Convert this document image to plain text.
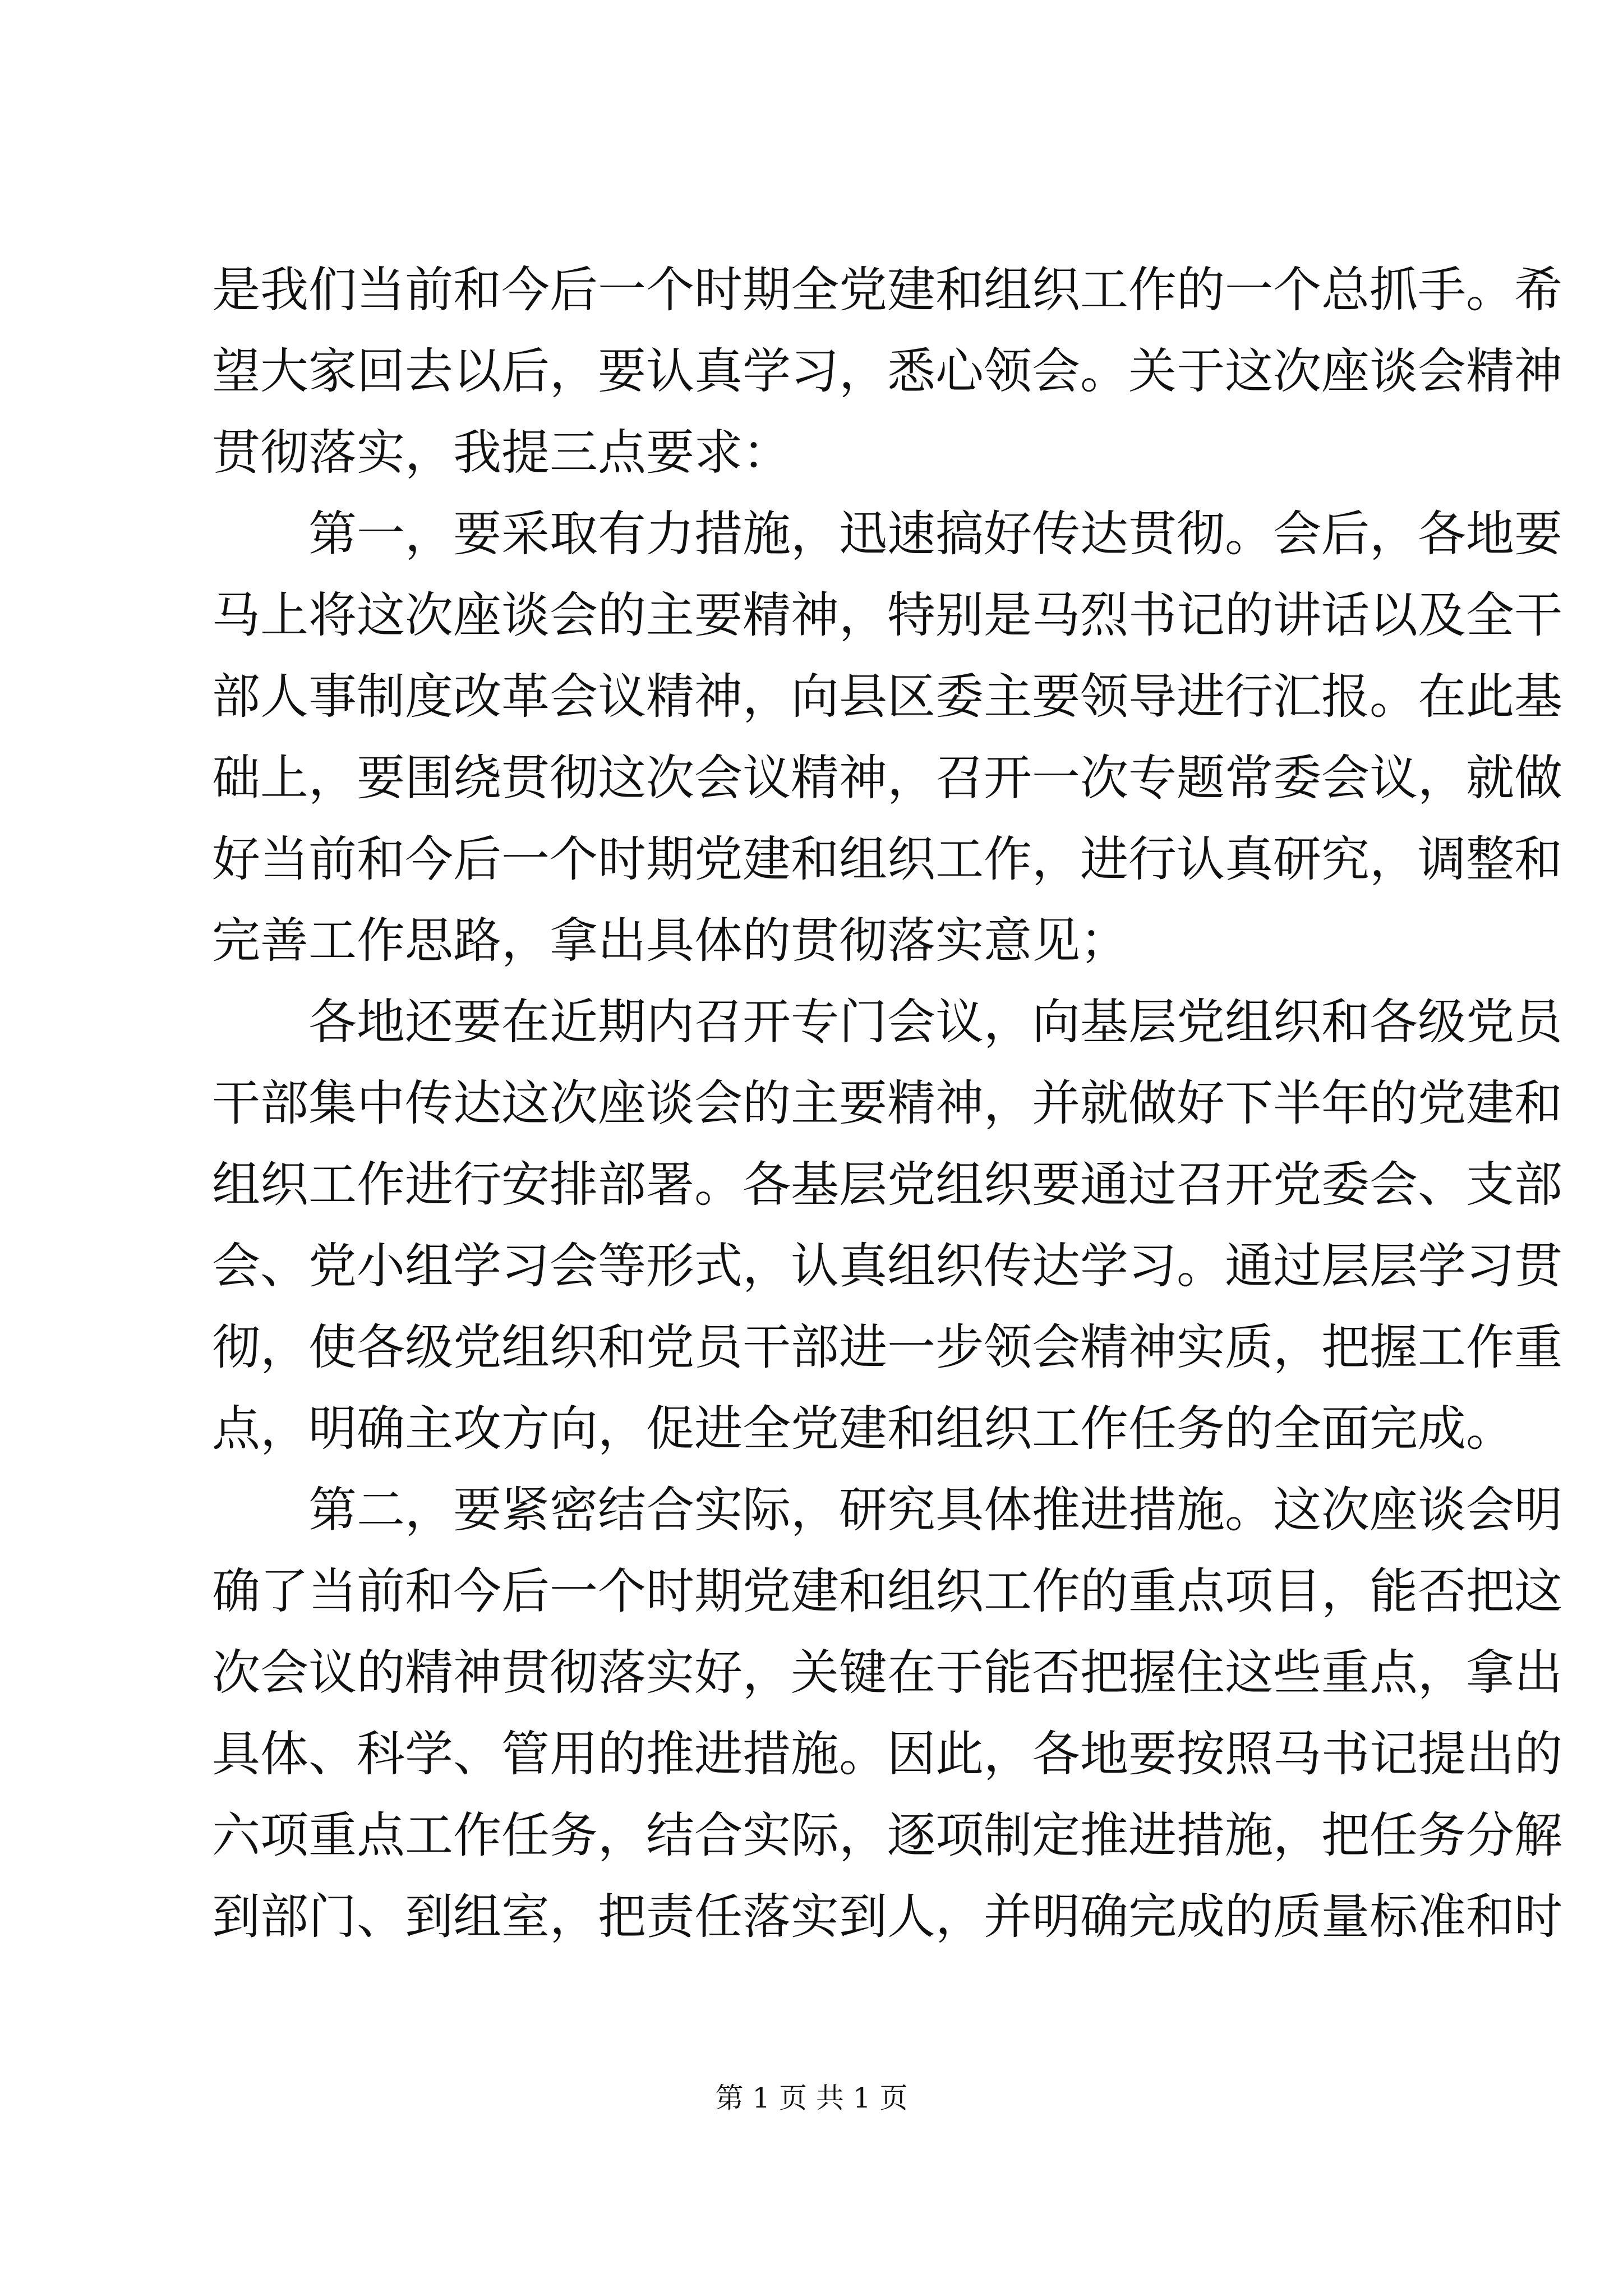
是我们当前和今后一个时期全党建和组织工作的一个总抓手。希
望大家回去以后，要认真学习，悉心领会。关于这次座谈会精神
贯彻落实，我提三点要求：
第一，要采取有力措施，迅速搞好传达贯彻。会后，各地要
马上将这次座谈会的主要精神，特别是马烈书记的讲话以及全干
部人事制度改革会议精神，向县区委主要领导进行汇报。在此基
础上，要围绕贯彻这次会议精神，召开一次专题常委会议，就做
好当前和今后一个时期党建和组织工作，进行认真研究，调整和
完善工作思路，拿出具体的贯彻落实意见；
各地还要在近期内召开专门会议，向基层党组织和各级党员
干部集中传达这次座谈会的主要精神，并就做好下半年的党建和
组织工作进行安排部署。各基层党组织要通过召开党委会、支部
会、党小组学习会等形式，认真组织传达学习。通过层层学习贯
彻，使各级党组织和党员干部进一步领会精神实质，把握工作重
点，明确主攻方向，促进全党建和组织工作任务的全面完成。
第二，要紧密结合实际，研究具体推进措施。这次座谈会明
确了当前和今后一个时期党建和组织工作的重点项目，能否把这
次会议的精神贯彻落实好，关键在于能否把握住这些重点，拿出
具体、科学、管用的推进措施。因此，各地要按照马书记提出的
六项重点工作任务，结合实际，逐项制定推进措施，把任务分解
到部门、到组室，把责任落实到人，并明确完成的质量标准和时
第 1 页 共 1 页
